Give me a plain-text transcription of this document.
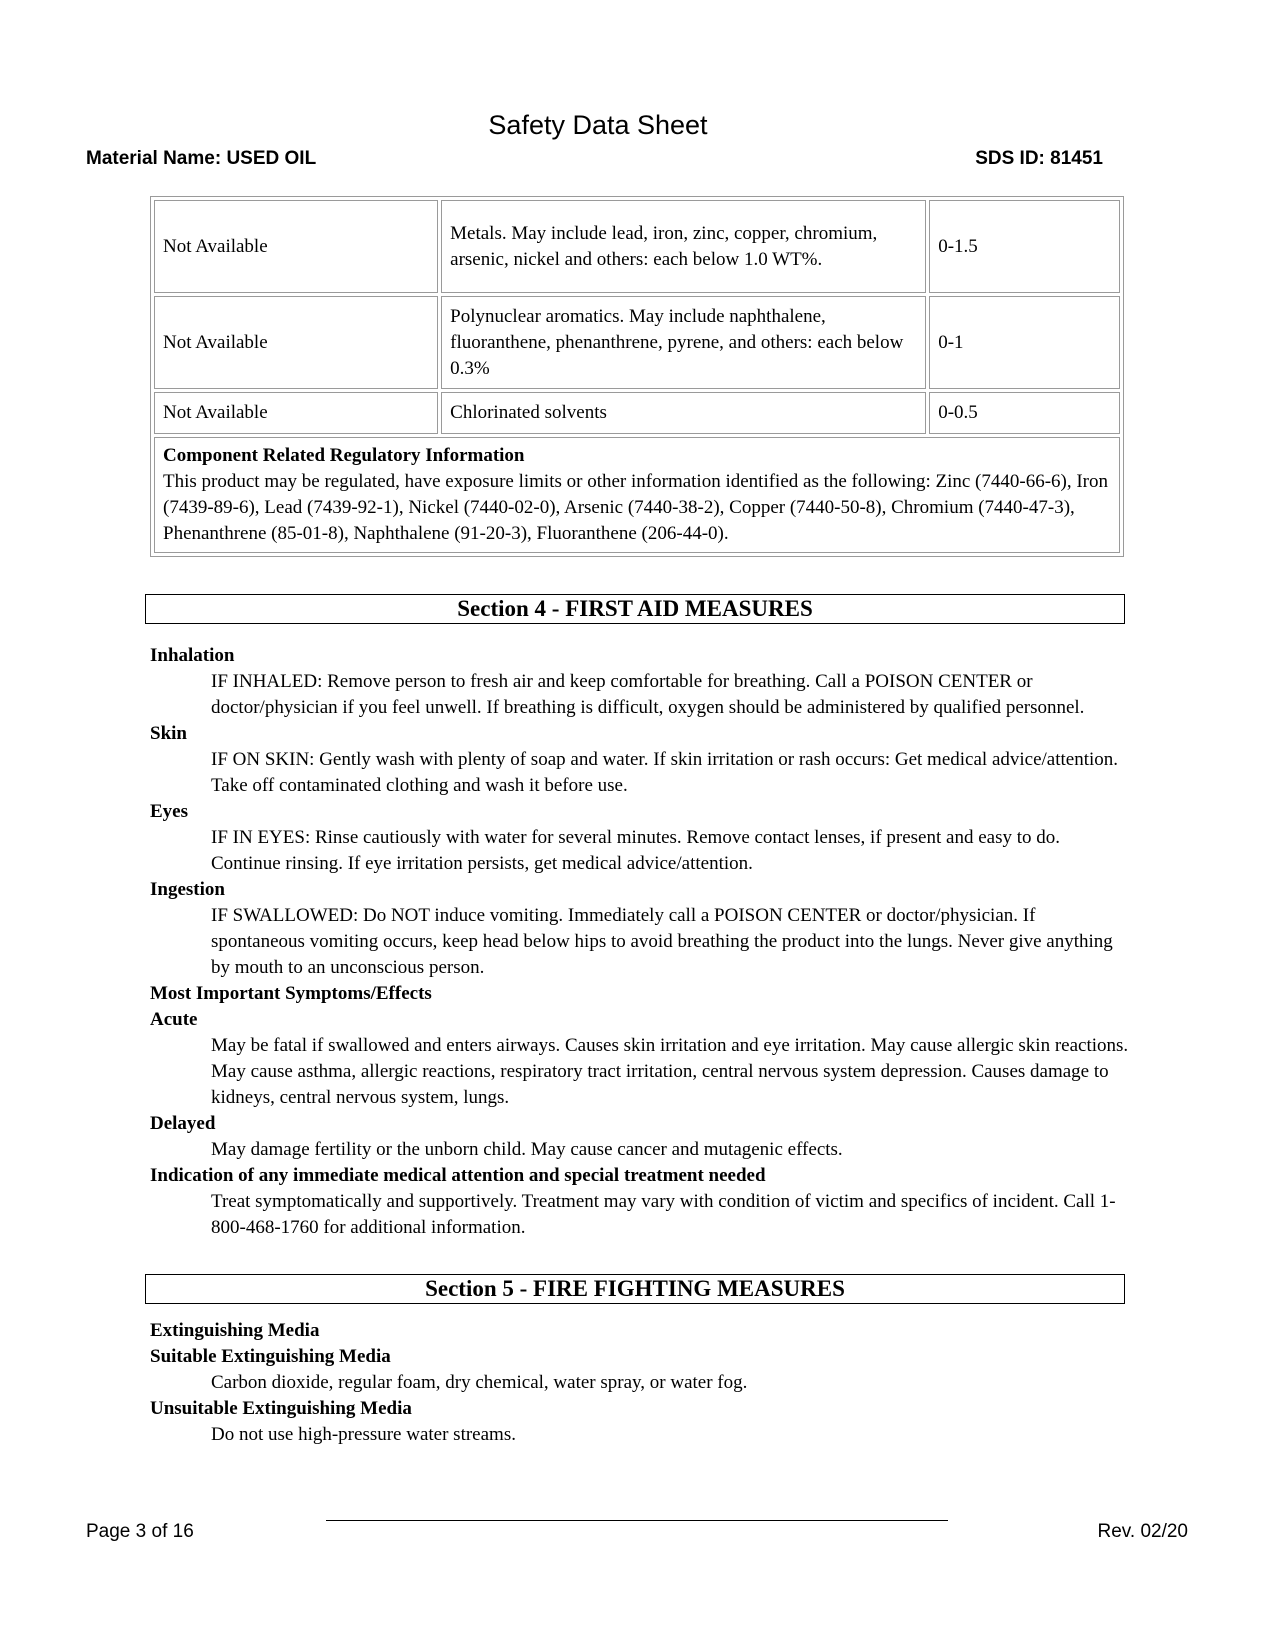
Safety Data Sheet
Material Name: USED OIL	SDS ID: 81451
Not Available	Metals. May include lead, iron, zinc, copper, chromium, arsenic, nickel and others: each below 1.0 WT%.	0-1.5
Not Available	Polynuclear aromatics. May include naphthalene, fluoranthene, phenanthrene, pyrene, and others: each below 0.3%	0-1
Not Available	Chlorinated solvents	0-0.5

Component Related Regulatory Information
This product may be regulated, have exposure limits or other information identified as the following: Zinc (7440-66-6), Iron (7439-89-6), Lead (7439-92-1), Nickel (7440-02-0), Arsenic (7440-38-2), Copper (7440-50-8), Chromium (7440-47-3), Phenanthrene (85-01-8), Naphthalene (91-20-3), Fluoranthene (206-44-0).		
Section 4 - FIRST AID MEASURES
Inhalation
IF INHALED: Remove person to fresh air and keep comfortable for breathing. Call a POISON CENTER or doctor/physician if you feel unwell. If breathing is difficult, oxygen should be administered by qualified personnel.
Skin
IF ON SKIN: Gently wash with plenty of soap and water. If skin irritation or rash occurs: Get medical advice/attention. Take off contaminated clothing and wash it before use.
Eyes
IF IN EYES: Rinse cautiously with water for several minutes. Remove contact lenses, if present and easy to do. Continue rinsing. If eye irritation persists, get medical advice/attention.
Ingestion
IF SWALLOWED: Do NOT induce vomiting. Immediately call a POISON CENTER or doctor/physician. If spontaneous vomiting occurs, keep head below hips to avoid breathing the product into the lungs. Never give anything by mouth to an unconscious person.
Most Important Symptoms/Effects
Acute
May be fatal if swallowed and enters airways. Causes skin irritation and eye irritation. May cause allergic skin reactions. May cause asthma, allergic reactions, respiratory tract irritation, central nervous system depression. Causes damage to kidneys, central nervous system, lungs.
Delayed
May damage fertility or the unborn child. May cause cancer and mutagenic effects.
Indication of any immediate medical attention and special treatment needed
Treat symptomatically and supportively. Treatment may vary with condition of victim and specifics of incident. Call 1-800-468-1760 for additional information.
Section 5 - FIRE FIGHTING MEASURES
Extinguishing Media
Suitable Extinguishing Media
Carbon dioxide, regular foam, dry chemical, water spray, or water fog.
Unsuitable Extinguishing Media
Do not use high-pressure water streams.
Page 3 of 16	Rev. 02/20
